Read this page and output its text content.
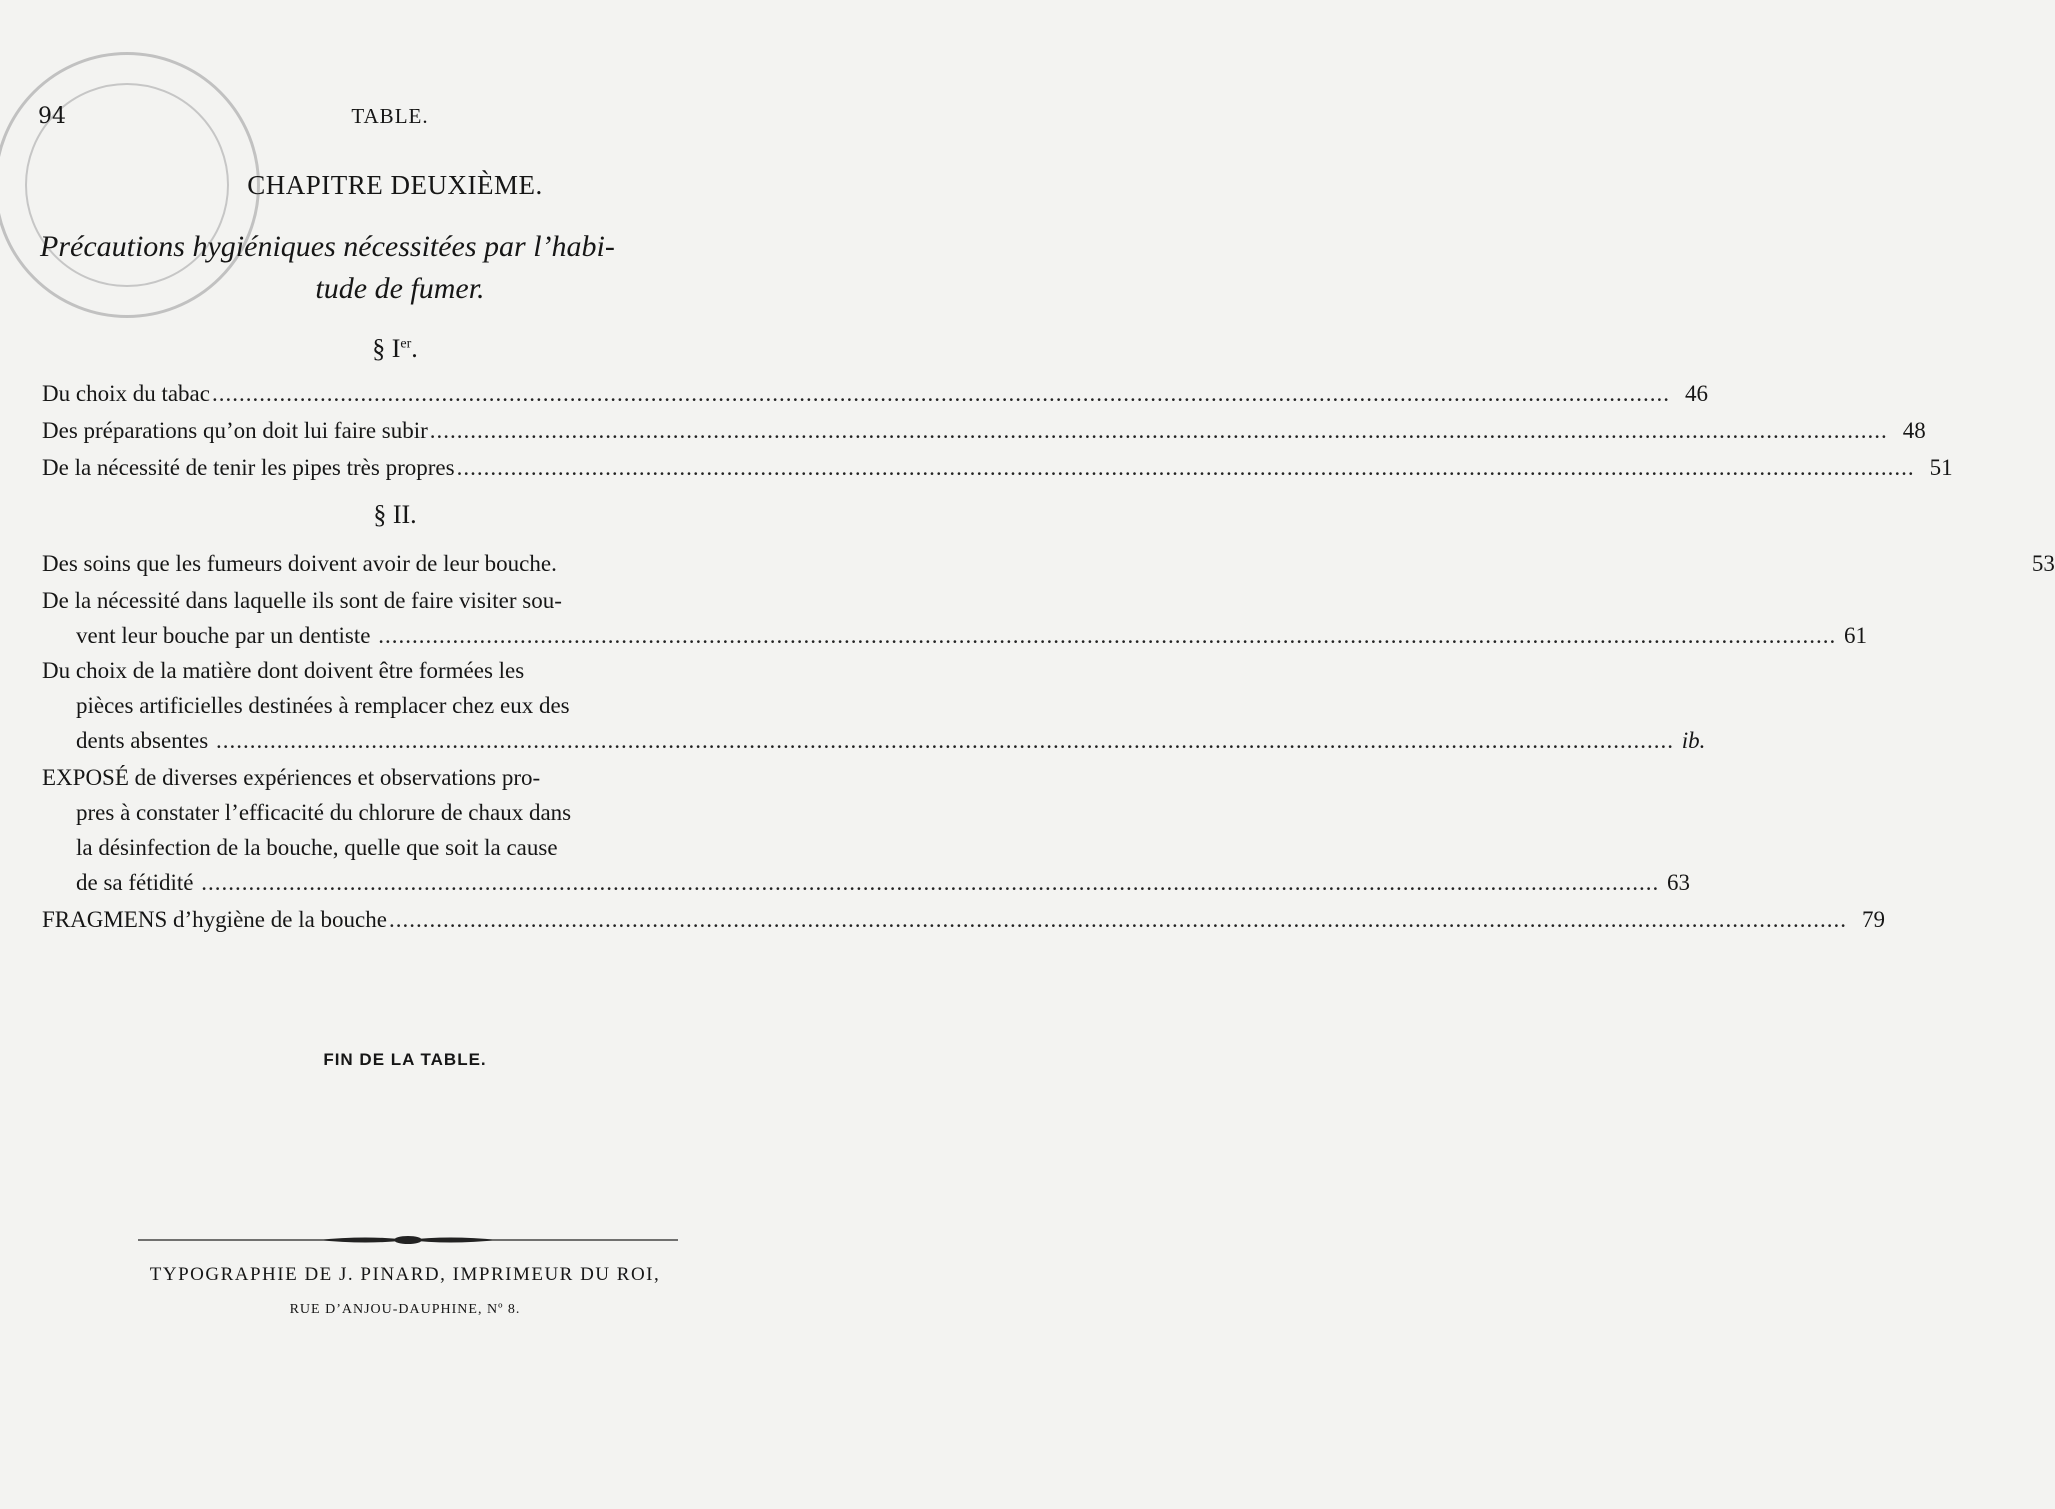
94	TABLE.
CHAPITRE DEUXIÈME.
Précautions hygiéniques nécessitées par l’habi-
tude de fumer.
§ Ier.
Du choix du tabac .....	46
Des préparations qu’on doit lui faire subir .....	48
De la nécessité de tenir les pipes très propres .....	51
§ II.
Des soins que les fumeurs doivent avoir de leur bouche.	53
De la nécessité dans laquelle ils sont de faire visiter sou-
vent leur bouche par un dentiste .....	61
Du choix de la matière dont doivent être formées les
pièces artificielles destinées à remplacer chez eux des
dents absentes .....	ib.
EXPOSÉ de diverses expériences et observations pro-
pres à constater l’efficacité du chlorure de chaux dans
la désinfection de la bouche, quelle que soit la cause
de sa fétidité .....	63
FRAGMENS d’hygiène de la bouche .....	79
FIN DE LA TABLE.
TYPOGRAPHIE DE J. PINARD, IMPRIMEUR DU ROI,
RUE D’ANJOU-DAUPHINE, Nº 8.
